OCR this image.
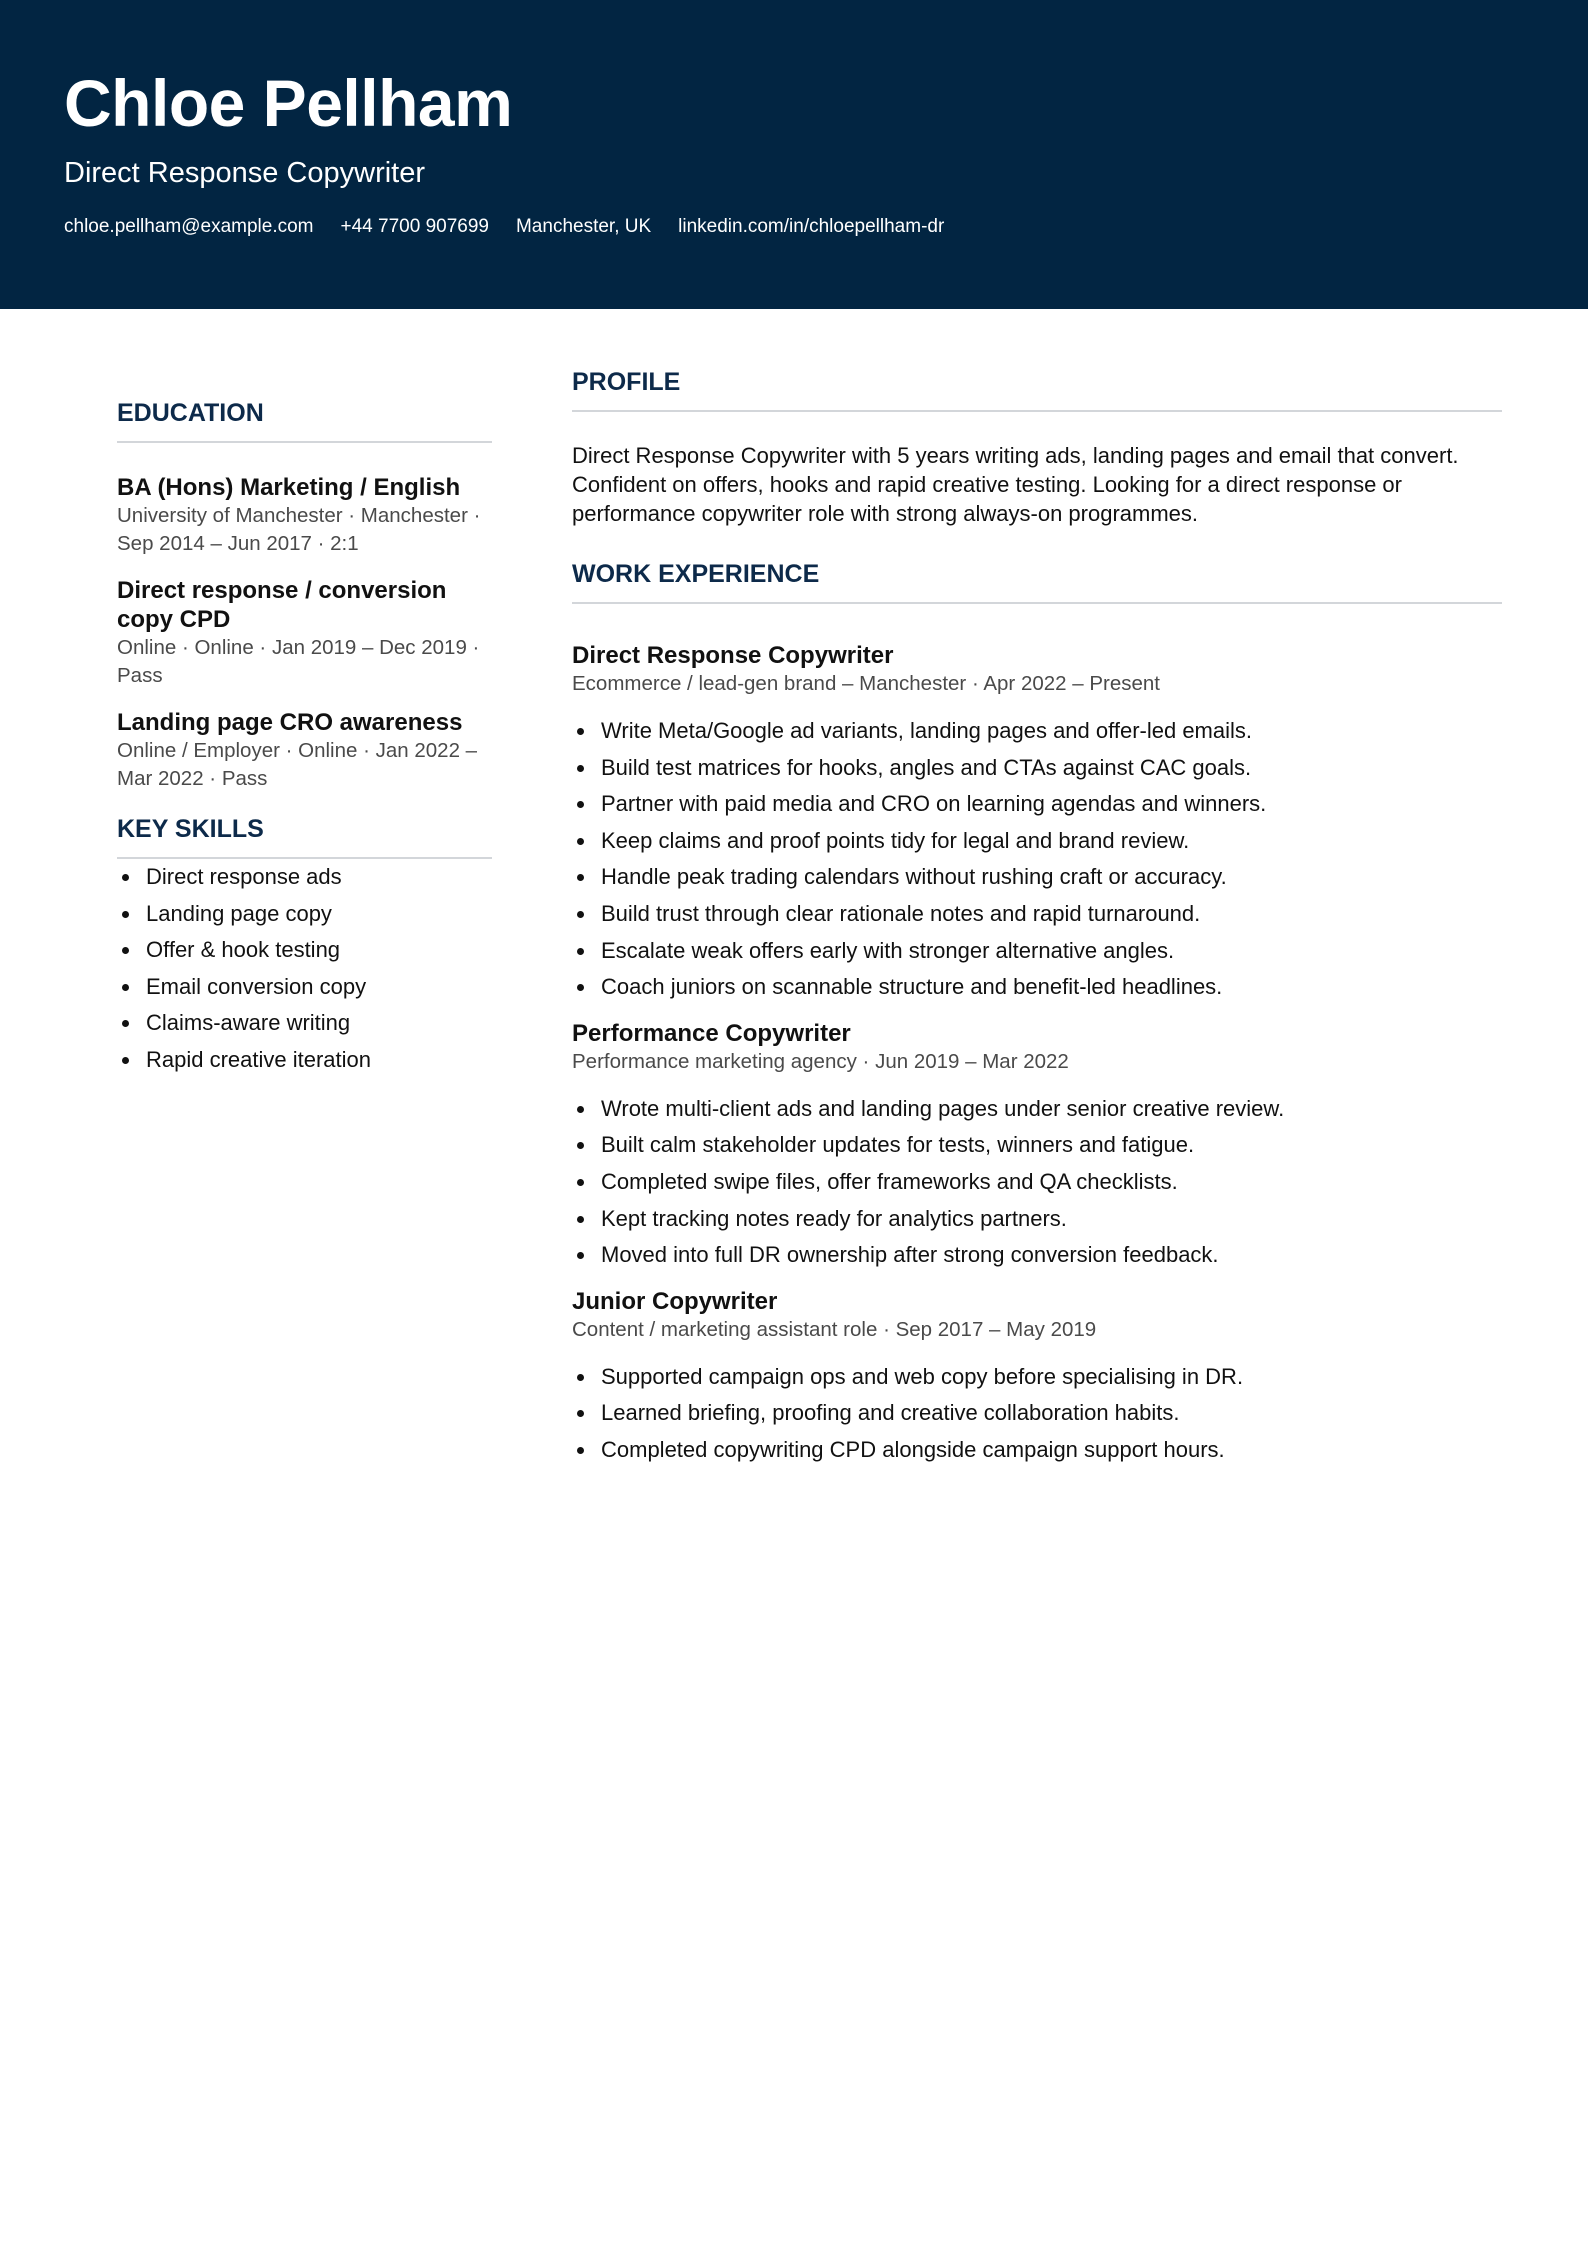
Chloe Pellham
Direct Response Copywriter
chloe.pellham@example.com +44 7700 907699 Manchester, UK linkedin.com/in/chloepellham-dr
EDUCATION
BA (Hons) Marketing / English
University of Manchester · Manchester · Sep 2014 – Jun 2017 · 2:1
Direct response / conversion copy CPD
Online · Online · Jan 2019 – Dec 2019 · Pass
Landing page CRO awareness
Online / Employer · Online · Jan 2022 – Mar 2022 · Pass
KEY SKILLS
Direct response ads
Landing page copy
Offer & hook testing
Email conversion copy
Claims-aware writing
Rapid creative iteration
PROFILE

Direct Response Copywriter with 5 years writing ads, landing pages and email that convert. Confident on offers, hooks and rapid creative testing. Looking for a direct response or performance copywriter role with strong always-on programmes.

WORK EXPERIENCE
Direct Response Copywriter
Ecommerce / lead-gen brand – Manchester · Apr 2022 – Present
Write Meta/Google ad variants, landing pages and offer-led emails.
Build test matrices for hooks, angles and CTAs against CAC goals.
Partner with paid media and CRO on learning agendas and winners.
Keep claims and proof points tidy for legal and brand review.
Handle peak trading calendars without rushing craft or accuracy.
Build trust through clear rationale notes and rapid turnaround.
Escalate weak offers early with stronger alternative angles.
Coach juniors on scannable structure and benefit-led headlines.
Performance Copywriter
Performance marketing agency · Jun 2019 – Mar 2022
Wrote multi-client ads and landing pages under senior creative review.
Built calm stakeholder updates for tests, winners and fatigue.
Completed swipe files, offer frameworks and QA checklists.
Kept tracking notes ready for analytics partners.
Moved into full DR ownership after strong conversion feedback.
Junior Copywriter
Content / marketing assistant role · Sep 2017 – May 2019
Supported campaign ops and web copy before specialising in DR.
Learned briefing, proofing and creative collaboration habits.
Completed copywriting CPD alongside campaign support hours.
